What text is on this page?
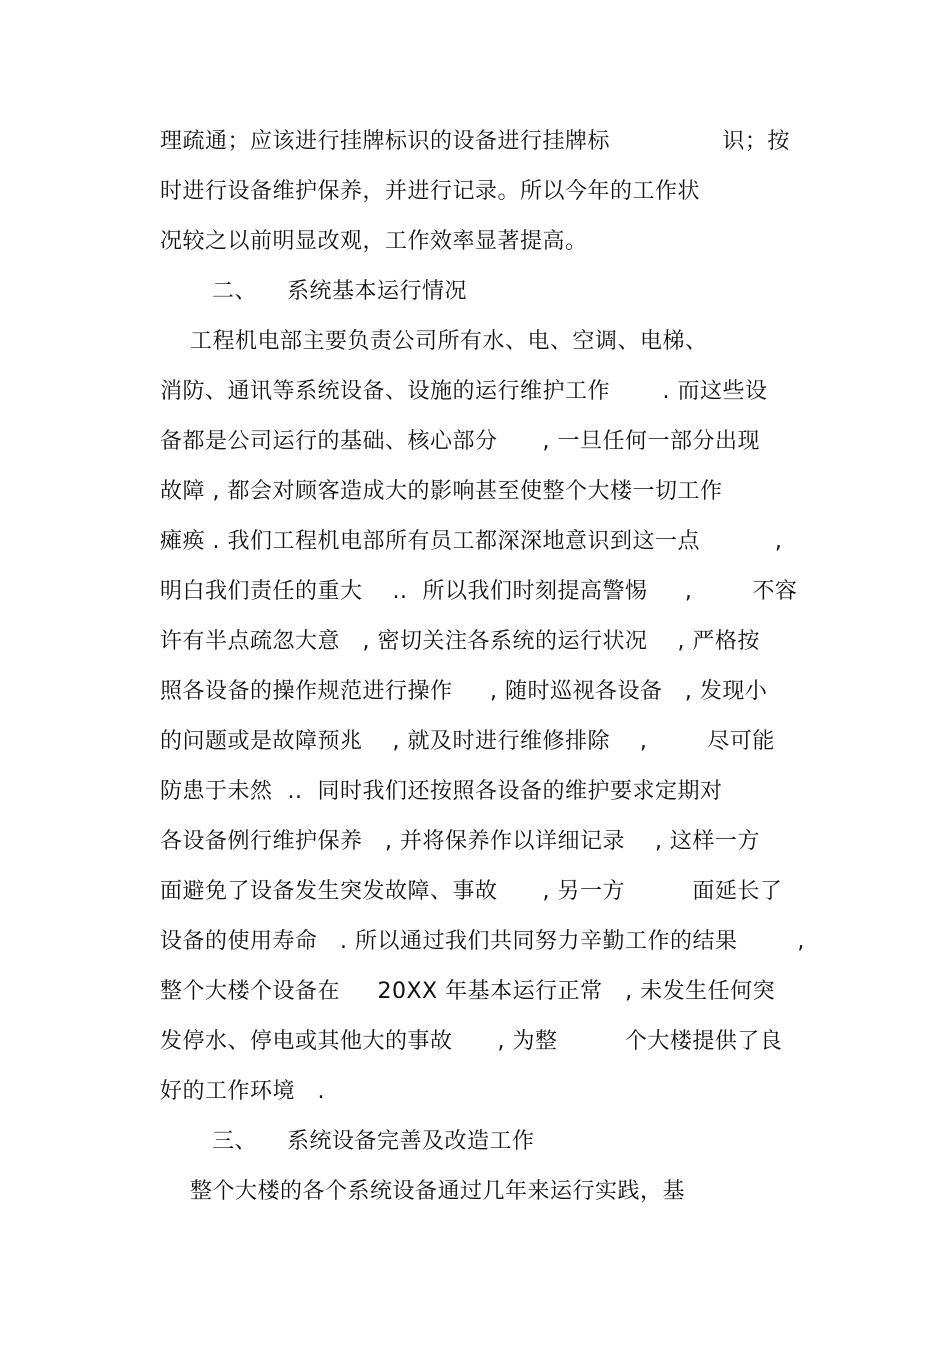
理疏通；应该进行挂牌标识的设备进行挂牌标               识；按
时进行设备维护保养，并进行记录。所以今年的工作状
况较之以前明显改观，工作效率显著提高。
二、    系统基本运行情况
工程机电部主要负责公司所有水、电、空调、电梯、
消防、通讯等系统设备、设施的运行维护工作       . 而这些设
备都是公司运行的基础、核心部分      , 一旦任何一部分出现
故障 , 都会对顾客造成大的影响甚至使整个大楼一切工作
瘫痪 . 我们工程机电部所有员工都深深地意识到这一点          ,
明白我们责任的重大    ..  所以我们时刻提高警惕     ,        不容
许有半点疏忽大意   , 密切关注各系统的运行状况    , 严格按
照各设备的操作规范进行操作     , 随时巡视各设备   , 发现小
的问题或是故障预兆    , 就及时进行维修排除    ,        尽可能
防患于未然  ..  同时我们还按照各设备的维护要求定期对
各设备例行维护保养   , 并将保养作以详细记录    , 这样一方
面避免了设备发生突发故障、事故      , 另一方         面延长了
设备的使用寿命   . 所以通过我们共同努力辛勤工作的结果        ,
整个大楼个设备在     20XX 年基本运行正常   , 未发生任何突
发停水、停电或其他大的事故      , 为整         个大楼提供了良
好的工作环境   .
三、    系统设备完善及改造工作
整个大楼的各个系统设备通过几年来运行实践，基
